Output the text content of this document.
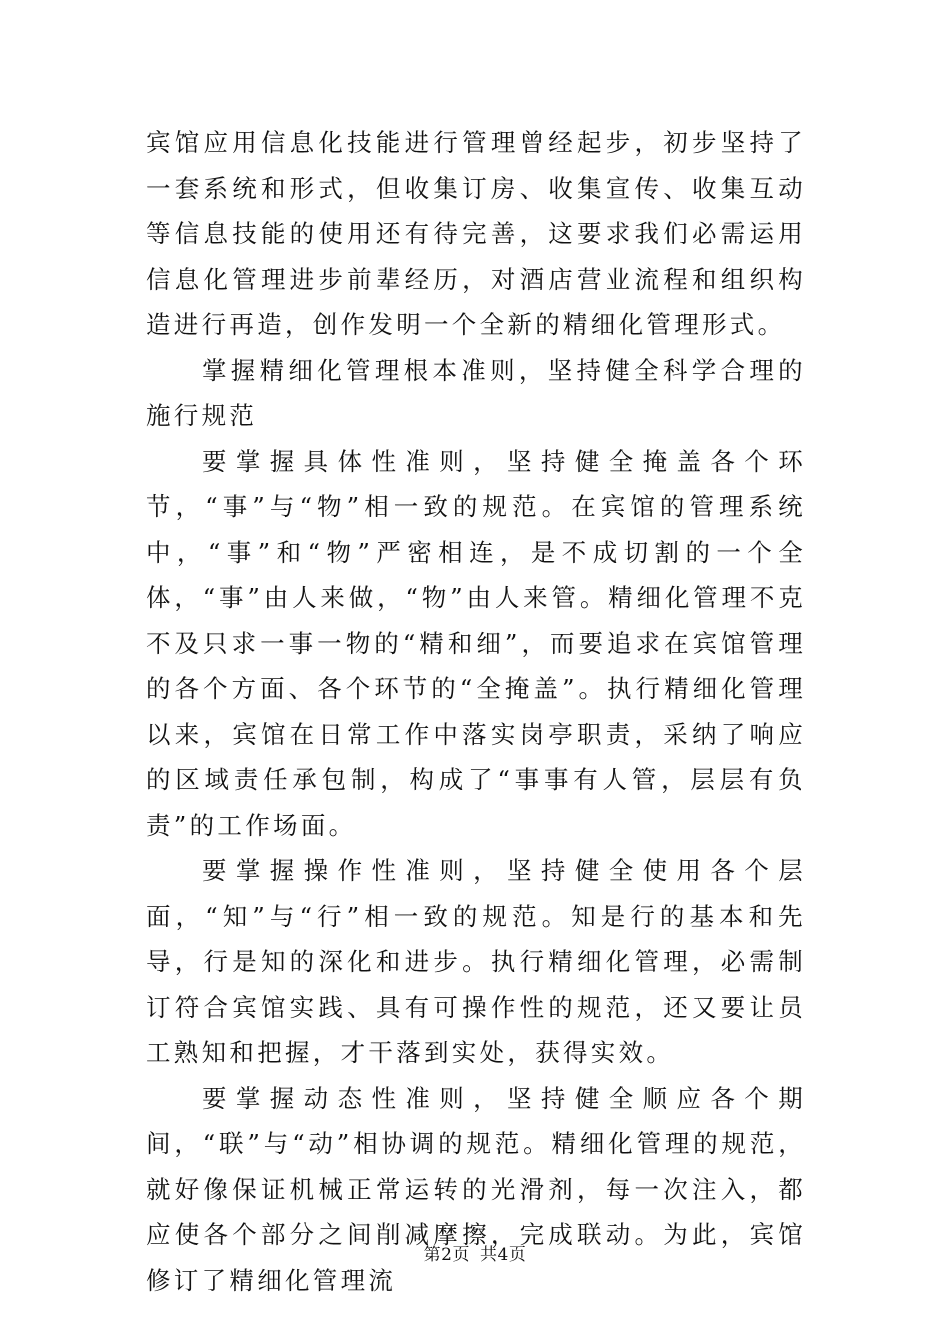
宾馆应用信息化技能进行管理曾经起步，初步坚持了一套系统和形式，但收集订房、收集宣传、收集互动等信息技能的使用还有待完善，这要求我们必需运用信息化管理进步前辈经历，对酒店营业流程和组织构造进行再造，创作发明一个全新的精细化管理形式。

掌握精细化管理根本准则，坚持健全科学合理的施行规范

要掌握具体性准则，坚持健全掩盖各个环节，“事”与“物”相一致的规范。在宾馆的管理系统中，“事”和“物”严密相连，是不成切割的一个全体，“事”由人来做，“物”由人来管。精细化管理不克不及只求一事一物的“精和细”，而要追求在宾馆管理的各个方面、各个环节的“全掩盖”。执行精细化管理以来，宾馆在日常工作中落实岗亭职责，采纳了响应的区域责任承包制，构成了“事事有人管，层层有负责”的工作场面。

要掌握操作性准则，坚持健全使用各个层面，“知”与“行”相一致的规范。知是行的基本和先导，行是知的深化和进步。执行精细化管理，必需制订符合宾馆实践、具有可操作性的规范，还又要让员工熟知和把握，才干落到实处，获得实效。

要掌握动态性准则，坚持健全顺应各个期间，“联”与“动”相协调的规范。精细化管理的规范，就好像保证机械正常运转的光滑剂，每一次注入，都应使各个部分之间削减摩擦，完成联动。为此，宾馆修订了精细化管理流

第2页 共4页
